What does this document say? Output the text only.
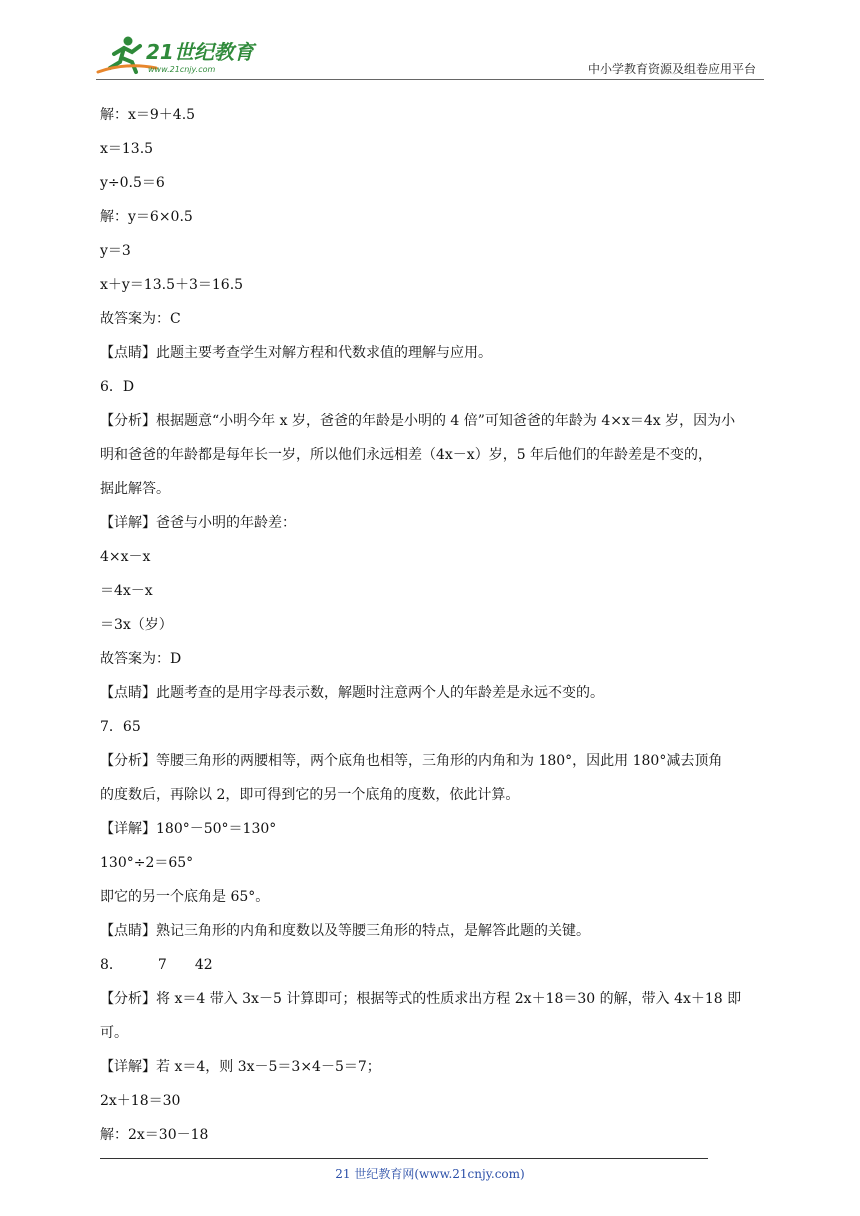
21世纪教育
www.21cnjy.com	中小学教育资源及组卷应用平台
解：x＝9＋4.5
x＝13.5
y÷0.5＝6
解：y＝6×0.5
y＝3
x＋y＝13.5＋3＝16.5
故答案为：C
【点睛】此题主要考查学生对解方程和代数求值的理解与应用。
6．D
【分析】根据题意“小明今年 x 岁，爸爸的年龄是小明的 4 倍”可知爸爸的年龄为 4×x＝4x 岁，因为小
明和爸爸的年龄都是每年长一岁，所以他们永远相差（4x－x）岁，5 年后他们的年龄差是不变的，
据此解答。
【详解】爸爸与小明的年龄差：
4×x－x
＝4x－x
＝3x（岁）
故答案为：D
【点睛】此题考查的是用字母表示数，解题时注意两个人的年龄差是永远不变的。
7．65
【分析】等腰三角形的两腰相等，两个底角也相等，三角形的内角和为 180°，因此用 180°减去顶角
的度数后，再除以 2，即可得到它的另一个底角的度数，依此计算。
【详解】180°－50°＝130°
130°÷2＝65°
即它的另一个底角是 65°。
【点睛】熟记三角形的内角和度数以及等腰三角形的特点，是解答此题的关键。
8．　　　7　　42
【分析】将 x＝4 带入 3x－5 计算即可；根据等式的性质求出方程 2x＋18＝30 的解，带入 4x＋18 即
可。
【详解】若 x＝4，则 3x－5＝3×4－5＝7；
2x＋18＝30
解：2x＝30－18
21 世纪教育网(www.21cnjy.com)
